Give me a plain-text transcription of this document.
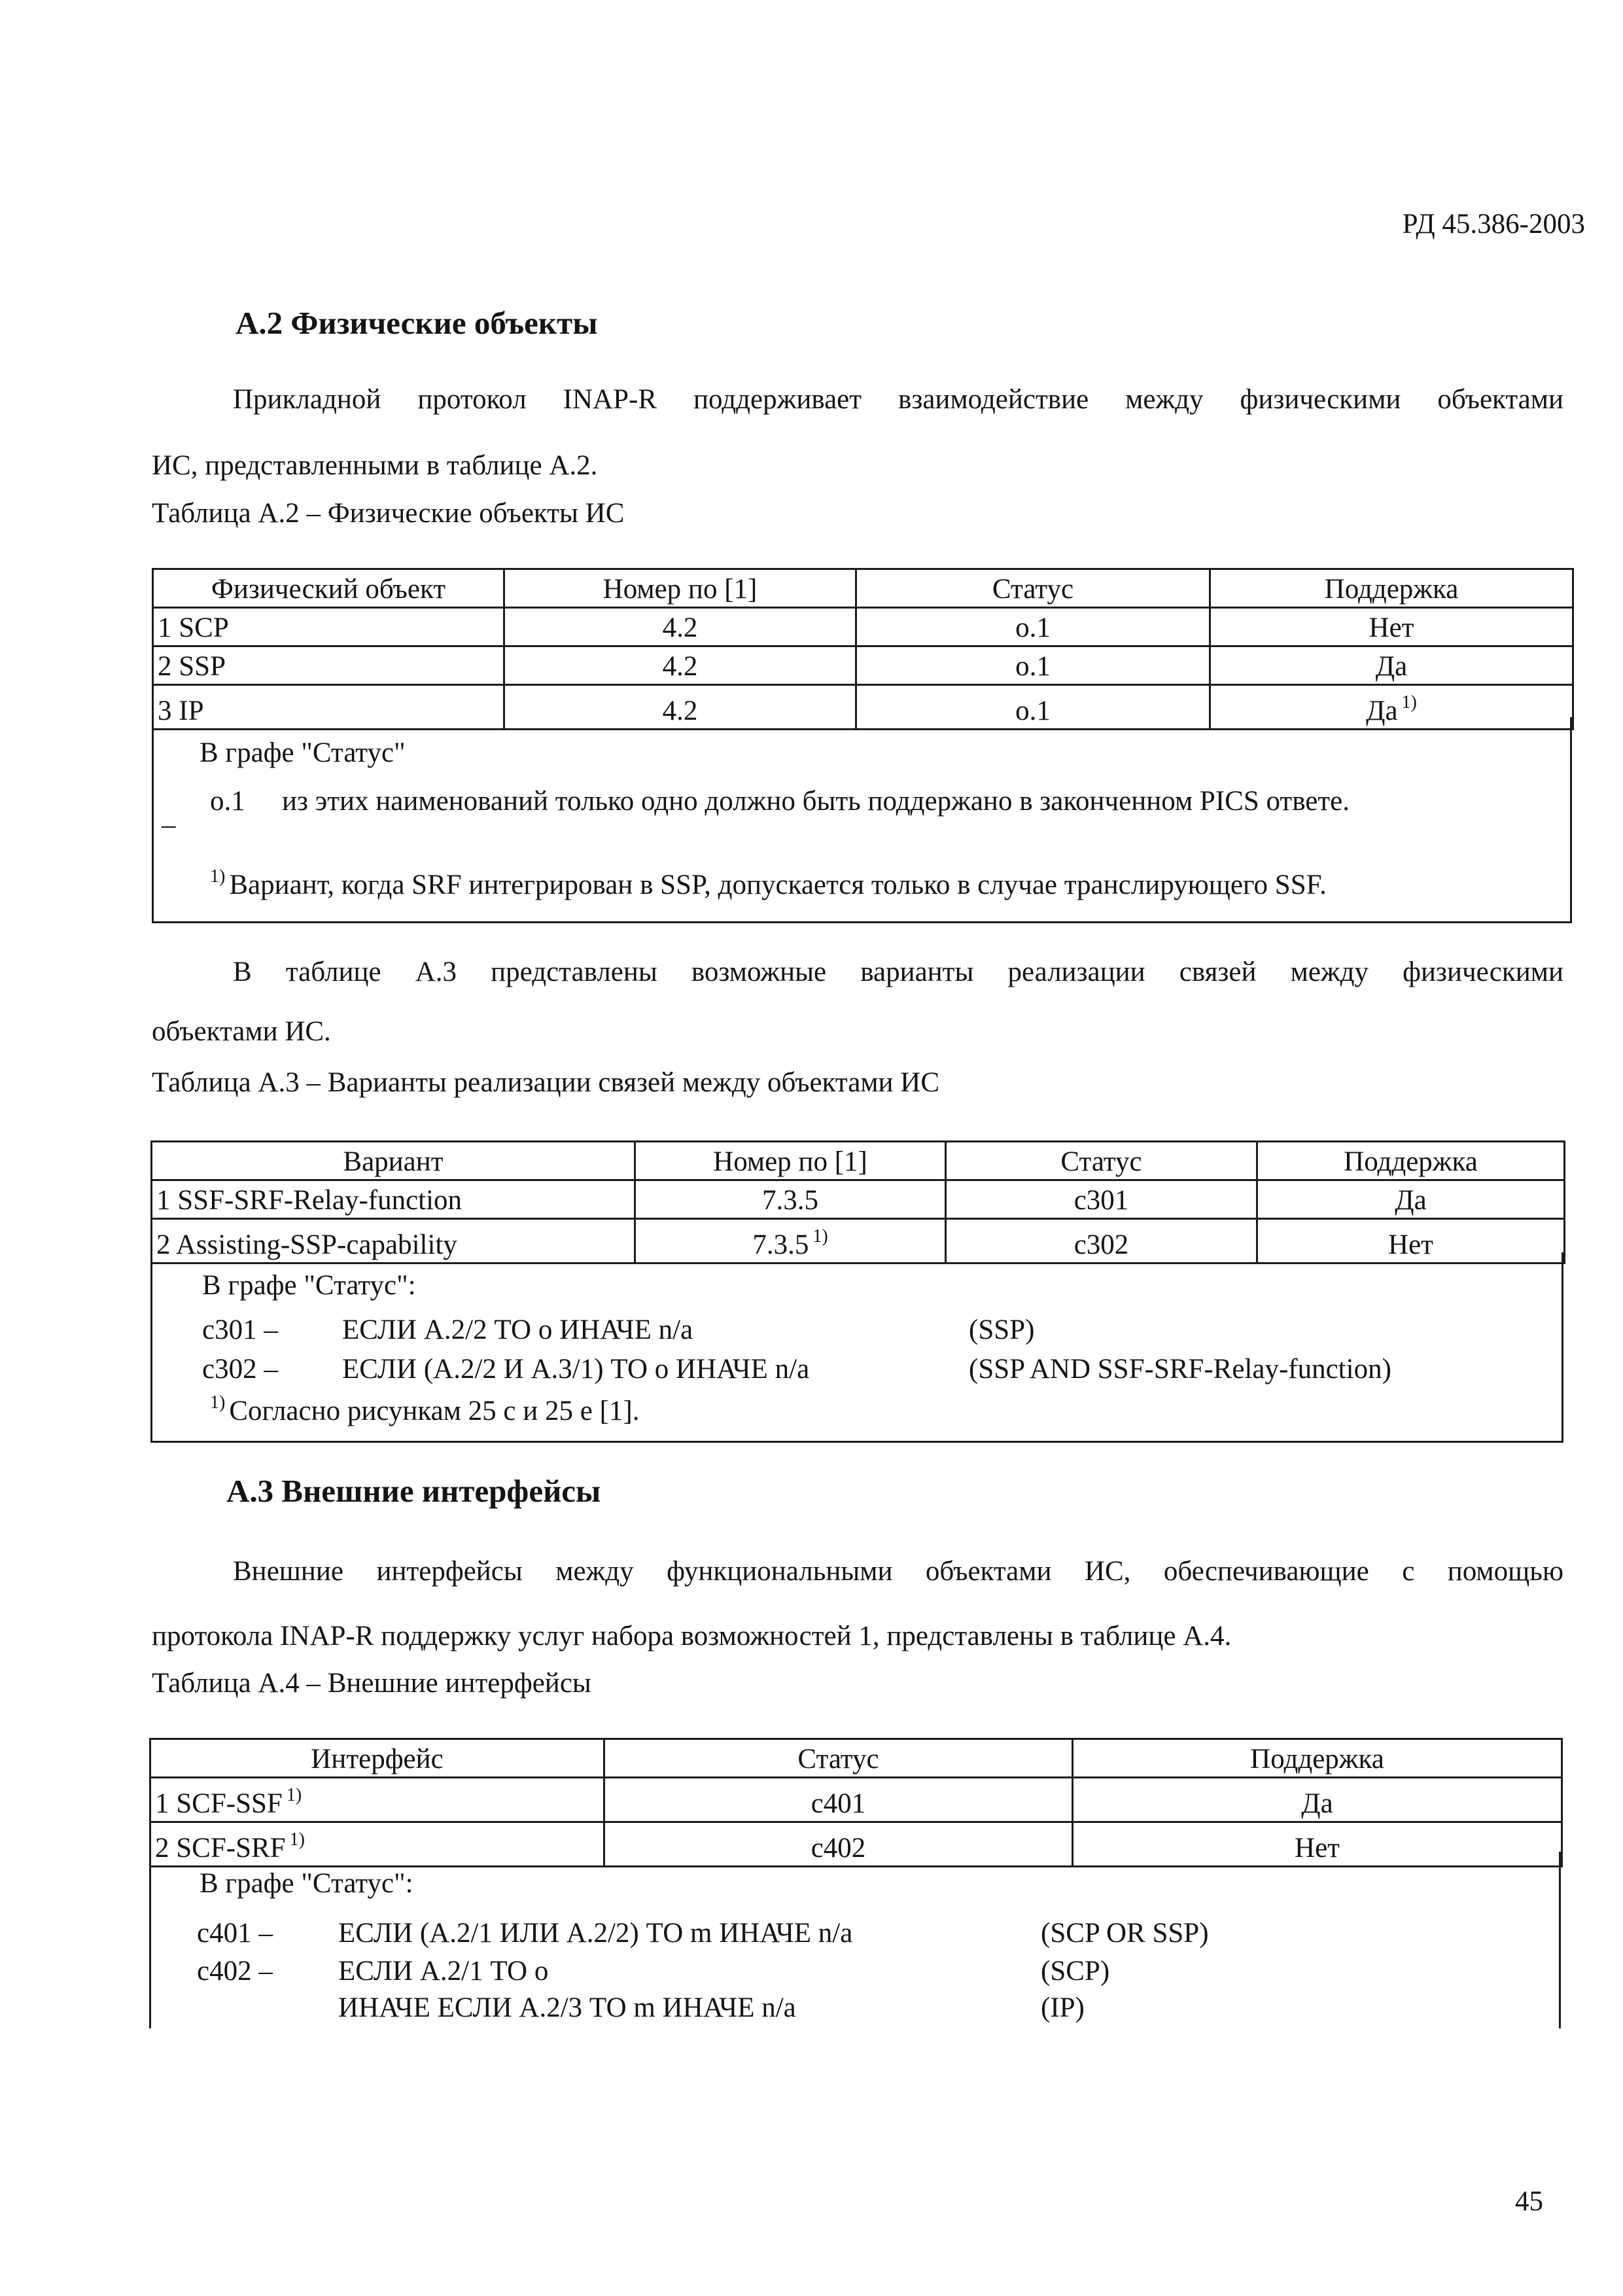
РД 45.386-2003
А.2 Физические объекты

Прикладной протокол INAP-R поддерживает взаимодействие между физическими объектами
ИС, представленными в таблице А.2.

Таблица А.2 – Физические объекты ИС
Физический объект	Номер по [1]	Статус	Поддержка
1 SCP	4.2	o.1	Нет
2 SSP	4.2	o.1	Да
3 IP	4.2	o.1	Да $^{1)}$
В графе "Статус"
o.1 из этих наименований только одно должно быть поддержано в законченном PICS ответе.
–
$^{1)}$ Вариант, когда SRF интегрирован в SSP, допускается только в случае транслирующего SSF.

В таблице А.3 представлены возможные варианты реализации связей между физическими
объектами ИС.

Таблица А.3 – Варианты реализации связей между объектами ИС
Вариант	Номер по [1]	Статус	Поддержка
1 SSF-SRF-Relay-function	7.3.5	c301	Да
2 Assisting-SSP-capability	7.3.5 $^{1)}$	c302	Нет
В графе "Статус":
c301 – ЕСЛИ А.2/2 ТО o ИНАЧЕ n/a	(SSP)
c302 – ЕСЛИ (А.2/2 И А.3/1) ТО o ИНАЧЕ n/a	(SSP AND SSF-SRF-Relay-function)
$^{1)}$ Согласно рисункам 25 c и 25 e [1].
А.3 Внешние интерфейсы

Внешние интерфейсы между функциональными объектами ИС, обеспечивающие с помощью
протокола INAP-R поддержку услуг набора возможностей 1, представлены в таблице А.4.

Таблица А.4 – Внешние интерфейсы
Интерфейс	Статус	Поддержка
1 SCF-SSF $^{1)}$	c401	Да
2 SCF-SRF $^{1)}$	c402	Нет
В графе "Статус":
c401 – ЕСЛИ (А.2/1 ИЛИ А.2/2) ТО m ИНАЧЕ n/a	(SCP OR SSP)
c402 – ЕСЛИ А.2/1 ТО o	(SCP)
ИНАЧЕ ЕСЛИ А.2/3 ТО m ИНАЧЕ n/a	(IP)
45
